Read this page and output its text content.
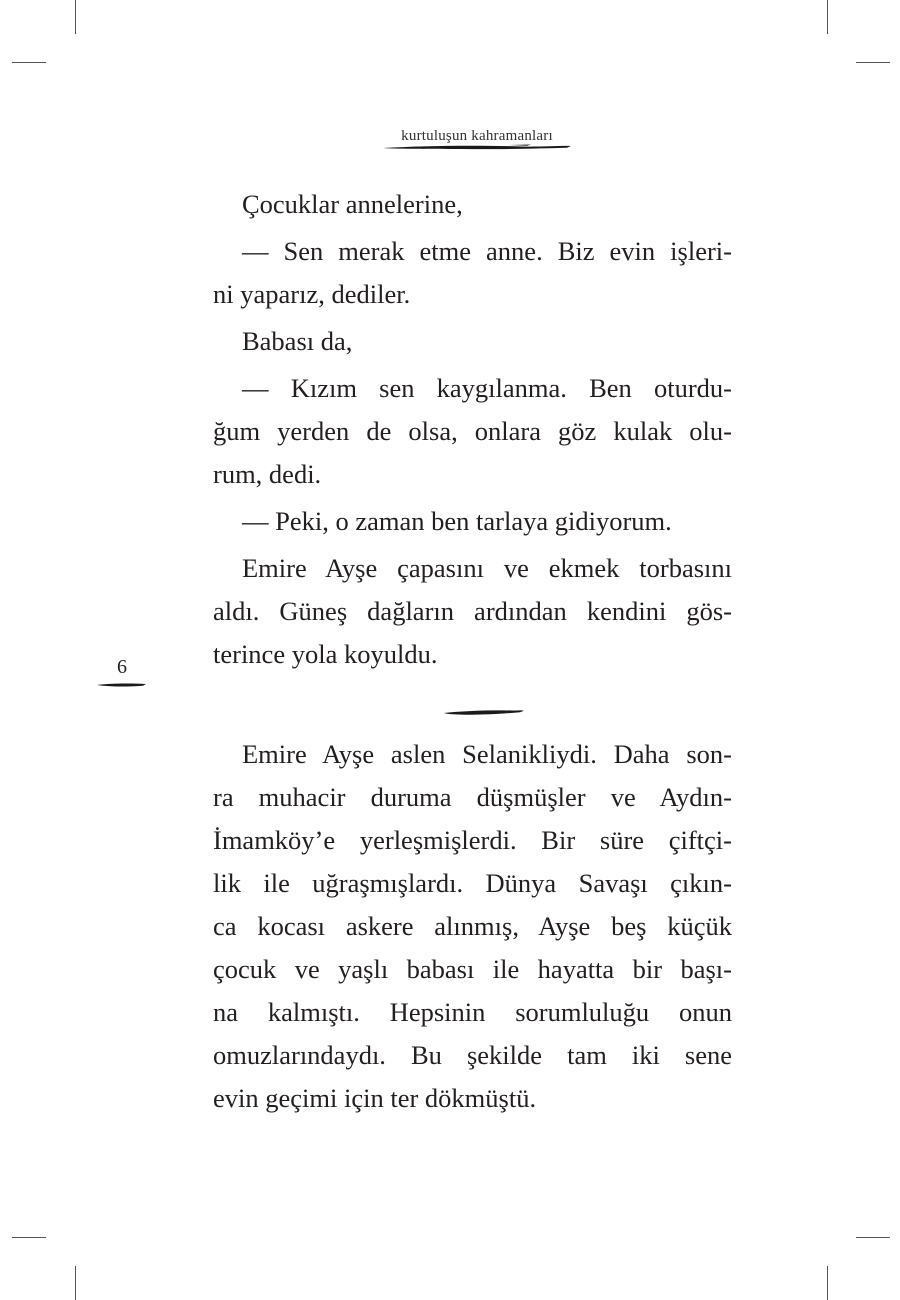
kurtuluşun kahramanları
Çocuklar annelerine,
— Sen merak etme anne. Biz evin işleri-
ni yaparız, dediler.
Babası da,
— Kızım sen kaygılanma. Ben oturdu-
ğum yerden de olsa, onlara göz kulak olu-
rum, dedi.
— Peki, o zaman ben tarlaya gidiyorum.
Emire Ayşe çapasını ve ekmek torbasını
aldı. Güneş dağların ardından kendini gös-
terince yola koyuldu.
Emire Ayşe aslen Selanikliydi. Daha son-
ra muhacir duruma düşmüşler ve Aydın-
İmamköy’e yerleşmişlerdi. Bir süre çiftçi-
lik ile uğraşmışlardı. Dünya Savaşı çıkın-
ca kocası askere alınmış, Ayşe beş küçük
çocuk ve yaşlı babası ile hayatta bir başı-
na kalmıştı. Hepsinin sorumluluğu onun
omuzlarındaydı. Bu şekilde tam iki sene
evin geçimi için ter dökmüştü.
6
